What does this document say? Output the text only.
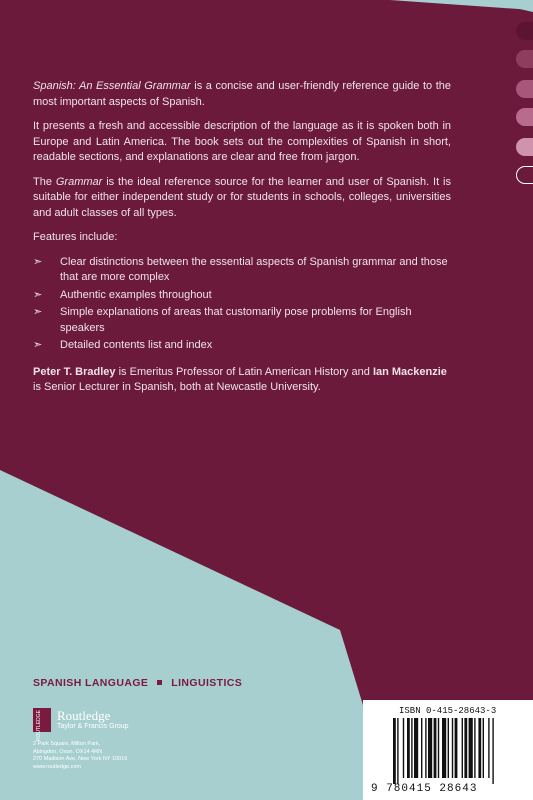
Spanish: An Essential Grammar is a concise and user-friendly reference guide to the most important aspects of Spanish.

It presents a fresh and accessible description of the language as it is spoken both in Europe and Latin America. The book sets out the complexities of Spanish in short, readable sections, and explanations are clear and free from jargon.

The Grammar is the ideal reference source for the learner and user of Spanish. It is suitable for either independent study or for students in schools, colleges, universities and adult classes of all types.

Features include:

➣ Clear distinctions between the essential aspects of Spanish grammar and those that are more complex
➣ Authentic examples throughout
➣ Simple explanations of areas that customarily pose problems for English speakers
➣ Detailed contents list and index

Peter T. Bradley is Emeritus Professor of Latin American History and Ian Mackenzie is Senior Lecturer in Spanish, both at Newcastle University.

SPANISH LANGUAGE LINGUISTICS
ROUTLEDGE Routledge
Taylor & Francis Group
2 Park Square, Milton Park,
Abingdon, Oxon, OX14 4RN
270 Madison Ave, New York NY 10016
www.routledge.com
ISBN 0-415-28643-3
9 780415 28643
